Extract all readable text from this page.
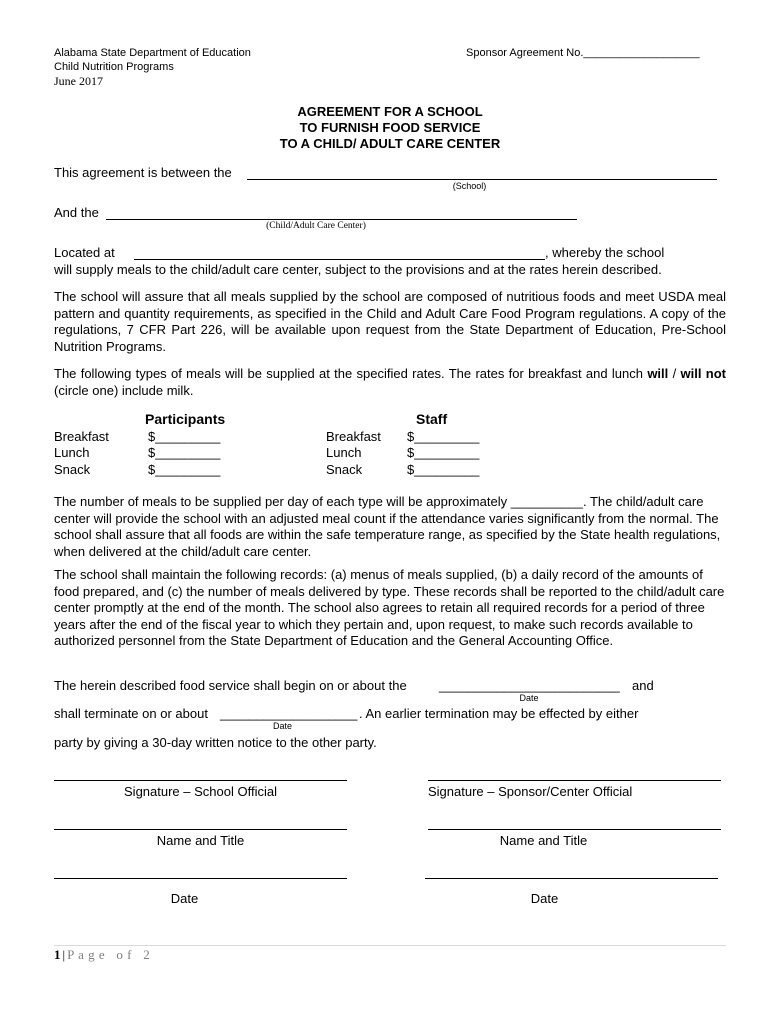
Alabama State Department of Education
Child Nutrition Programs
June 2017
Sponsor Agreement No.___________________
AGREEMENT FOR A SCHOOL
TO FURNISH FOOD SERVICE
TO A CHILD/ ADULT CARE CENTER
This agreement is between the
(School)
And the
(Child/Adult Care Center)
Located at	, whereby the school
will supply meals to the child/adult care center, subject to the provisions and at the rates herein described.
The school will assure that all meals supplied by the school are composed of nutritious foods and meet USDA meal pattern and quantity requirements, as specified in the Child and Adult Care Food Program regulations. A copy of the regulations, 7 CFR Part 226, will be available upon request from the State Department of Education, Pre-School Nutrition Programs.
The following types of meals will be supplied at the specified rates. The rates for breakfast and lunch will / will not (circle one) include milk.
Participants	Staff
Breakfast	$_________
Lunch	$_________
Snack	$_________
Breakfast $_________
Lunch	$_________
Snack	$_________
The number of meals to be supplied per day of each type will be approximately __________. The child/adult care center will provide the school with an adjusted meal count if the attendance varies significantly from the normal. The school shall assure that all foods are within the safe temperature range, as specified by the State health regulations, when delivered at the child/adult care center.
The school shall maintain the following records: (a) menus of meals supplied, (b) a daily record of the amounts of food prepared, and (c) the number of meals delivered by type. These records shall be reported to the child/adult care center promptly at the end of the month. The school also agrees to retain all required records for a period of three years after the end of the fiscal year to which they pertain and, upon request, to make such records available to authorized personnel from the State Department of Education and the General Accounting Office.
The herein described food service shall begin on or about the _________________________ and
Date
shall terminate on or about ___________________ . An earlier termination may be effected by either
Date
party by giving a 30-day written notice to the other party.
Signature – School Official	Signature – Sponsor/Center Official
Name and Title	Name and Title
Date	Date
1 | P a g e   o f   2
